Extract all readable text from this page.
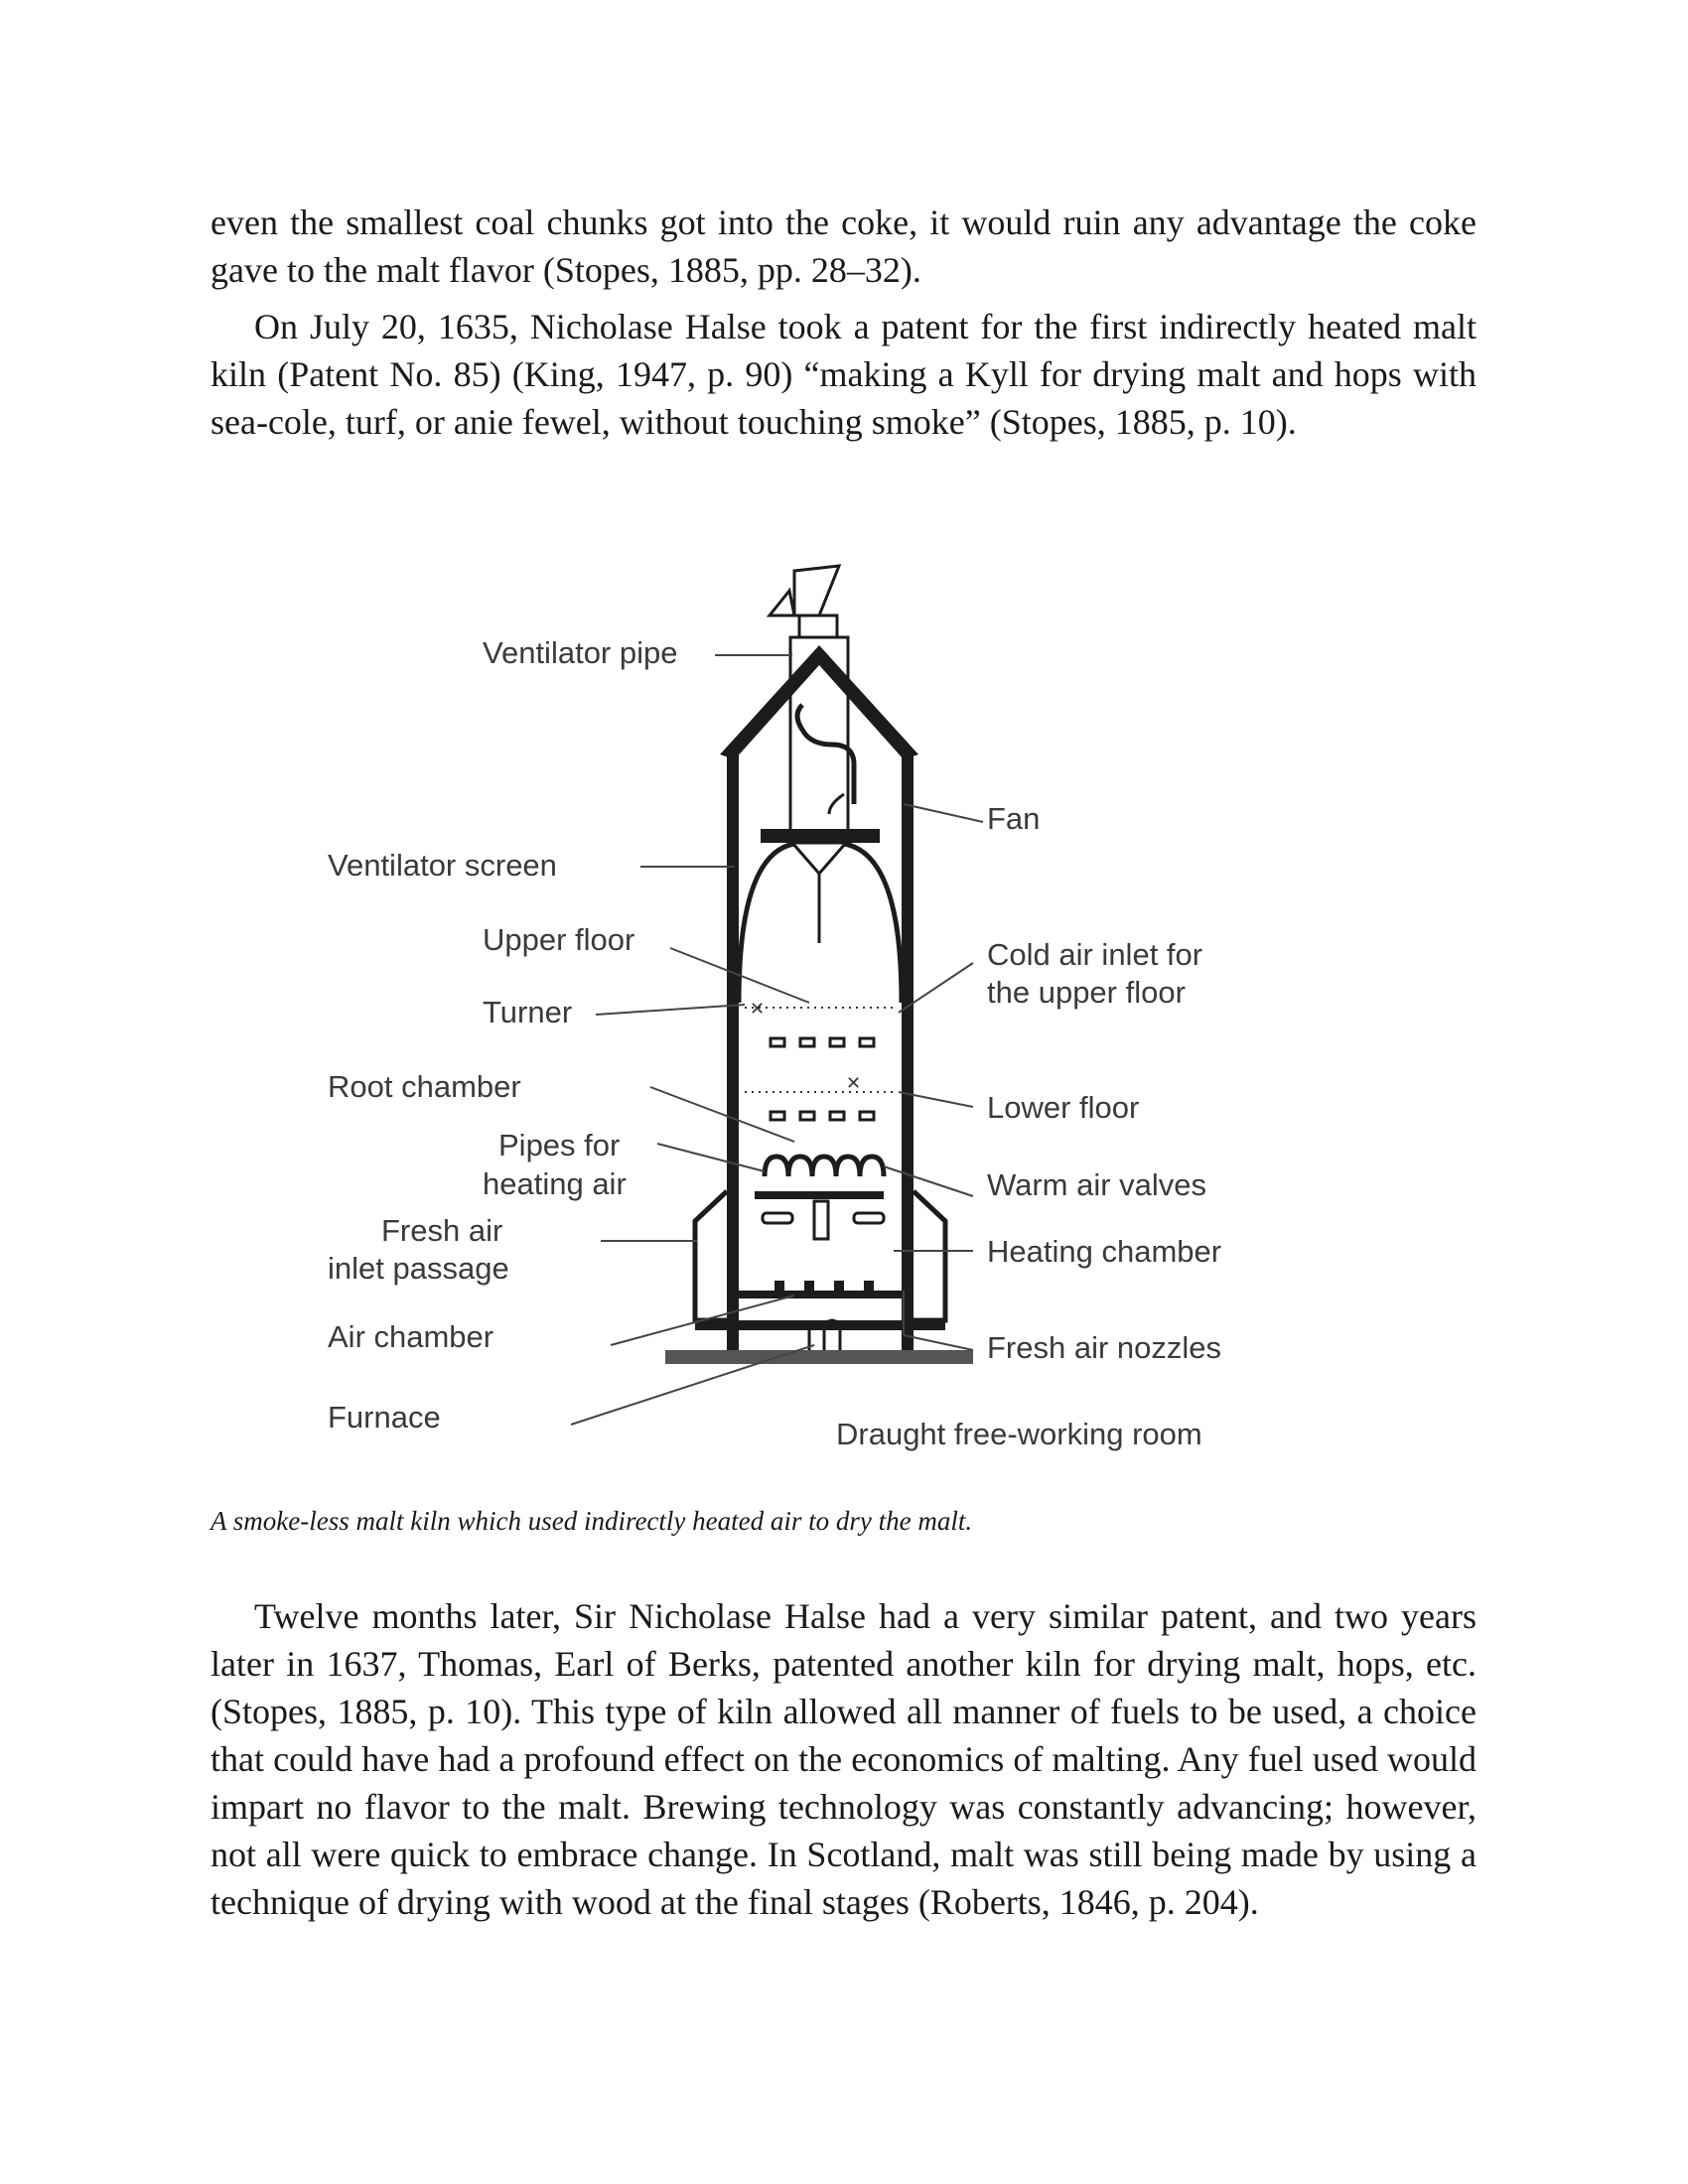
even the smallest coal chunks got into the coke, it would ruin any advantage the coke gave to the malt flavor (Stopes, 1885, pp. 28–32).

On July 20, 1635, Nicholase Halse took a patent for the first indirectly heated malt kiln (Patent No. 85) (King, 1947, p. 90) “making a Kyll for drying malt and hops with sea-cole, turf, or anie fewel, without touching smoke” (Stopes, 1885, p. 10).

✕
✕
Ventilator pipe
Fan
Ventilator screen
Upper floor
Turner
Cold air inlet for
the upper floor
Root chamber
Lower floor
Pipes for
heating air	Warm air valves
Fresh air
inlet passage	Heating chamber
Air chamber	Fresh air nozzles
Furnace	Draught free-working room

A smoke-less malt kiln which used indirectly heated air to dry the malt.

Twelve months later, Sir Nicholase Halse had a very similar patent, and two years later in 1637, Thomas, Earl of Berks, patented another kiln for drying malt, hops, etc. (Stopes, 1885, p. 10). This type of kiln allowed all manner of fuels to be used, a choice that could have had a profound effect on the economics of malting. Any fuel used would impart no flavor to the malt. Brewing technology was constantly advancing; however, not all were quick to embrace change. In Scotland, malt was still being made by using a technique of drying with wood at the final stages (Roberts, 1846, p. 204).
